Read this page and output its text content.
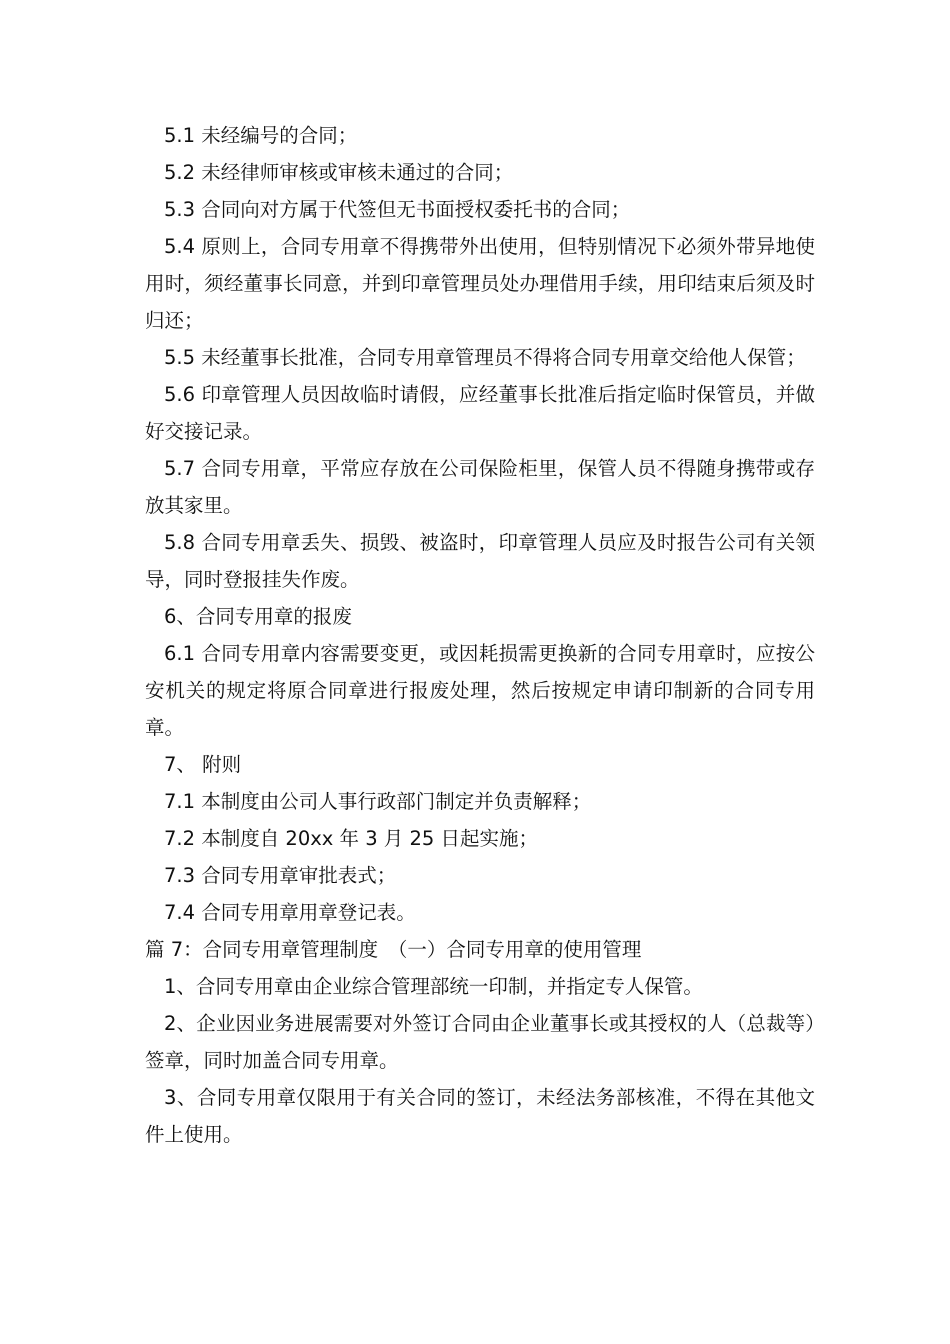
5.1 未经编号的合同；

5.2 未经律师审核或审核未通过的合同；

5.3 合同向对方属于代签但无书面授权委托书的合同；

5.4 原则上，合同专用章不得携带外出使用，但特别情况下必须外带异地使用时，须经董事长同意，并到印章管理员处办理借用手续，用印结束后须及时归还；

5.5 未经董事长批准，合同专用章管理员不得将合同专用章交给他人保管；

5.6 印章管理人员因故临时请假，应经董事长批准后指定临时保管员，并做好交接记录。

5.7 合同专用章，平常应存放在公司保险柜里，保管人员不得随身携带或存放其家里。

5.8 合同专用章丢失、损毁、被盗时，印章管理人员应及时报告公司有关领导，同时登报挂失作废。

6、合同专用章的报废

6.1 合同专用章内容需要变更，或因耗损需更换新的合同专用章时，应按公安机关的规定将原合同章进行报废处理，然后按规定申请印制新的合同专用章。

7、 附则

7.1 本制度由公司人事行政部门制定并负责解释；

7.2 本制度自 20xx 年 3 月 25 日起实施；

7.3 合同专用章审批表式；

7.4 合同专用章用章登记表。

篇 7：合同专用章管理制度　（一）合同专用章的使用管理

1、合同专用章由企业综合管理部统一印制，并指定专人保管。

2、企业因业务进展需要对外签订合同由企业董事长或其授权的人（总裁等）签章，同时加盖合同专用章。

3、合同专用章仅限用于有关合同的签订，未经法务部核准，不得在其他文件上使用。
